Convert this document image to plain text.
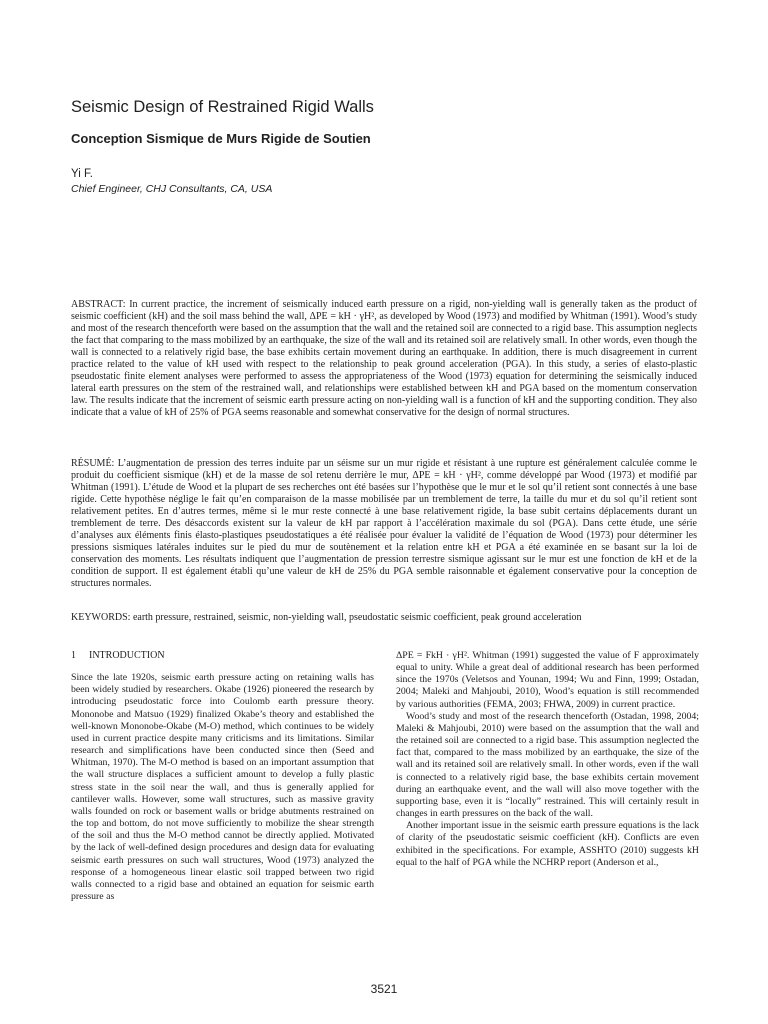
Seismic Design of Restrained Rigid Walls
Conception Sismique de Murs Rigide de Soutien
Yi F.
Chief Engineer, CHJ Consultants, CA, USA

ABSTRACT: In current practice, the increment of seismically induced earth pressure on a rigid, non-yielding wall is generally taken as the product of seismic coefficient (kH) and the soil mass behind the wall, ΔPE = kH · γH², as developed by Wood (1973) and modified by Whitman (1991). Wood’s study and most of the research thenceforth were based on the assumption that the wall and the retained soil are connected to a rigid base. This assumption neglects the fact that comparing to the mass mobilized by an earthquake, the size of the wall and its retained soil are relatively small. In other words, even though the wall is connected to a relatively rigid base, the base exhibits certain movement during an earthquake. In addition, there is much disagreement in current practice related to the value of kH used with respect to the relationship to peak ground acceleration (PGA). In this study, a series of elasto-plastic pseudostatic finite element analyses were performed to assess the appropriateness of the Wood (1973) equation for determining the seismically induced lateral earth pressures on the stem of the restrained wall, and relationships were established between kH and PGA based on the momentum conservation law. The results indicate that the increment of seismic earth pressure acting on non-yielding wall is a function of kH and the supporting condition. They also indicate that a value of kH of 25% of PGA seems reasonable and somewhat conservative for the design of normal structures.

RÉSUMÉ: L’augmentation de pression des terres induite par un séisme sur un mur rigide et résistant à une rupture est généralement calculée comme le produit du coefficient sismique (kH) et de la masse de sol retenu derrière le mur, ΔPE = kH · γH², comme développé par Wood (1973) et modifié par Whitman (1991). L’étude de Wood et la plupart de ses recherches ont été basées sur l’hypothèse que le mur et le sol qu’il retient sont connectés à une base rigide. Cette hypothèse néglige le fait qu’en comparaison de la masse mobilisée par un tremblement de terre, la taille du mur et du sol qu’il retient sont relativement petites. En d’autres termes, même si le mur reste connecté à une base relativement rigide, la base subit certains déplacements durant un tremblement de terre. Des désaccords existent sur la valeur de kH par rapport à l’accélération maximale du sol (PGA). Dans cette étude, une série d’analyses aux éléments finis élasto-plastiques pseudostatiques a été réalisée pour évaluer la validité de l’équation de Wood (1973) pour déterminer les pressions sismiques latérales induites sur le pied du mur de soutènement et la relation entre kH et PGA a été examinée en se basant sur la loi de conservation des moments. Les résultats indiquent que l’augmentation de pression terrestre sismique agissant sur le mur est une fonction de kH et de la condition de support. Il est également établi qu’une valeur de kH de 25% du PGA semble raisonnable et également conservative pour la conception de structures normales.

KEYWORDS: earth pressure, restrained, seismic, non-yielding wall, pseudostatic seismic coefficient, peak ground acceleration

1 INTRODUCTION

Since the late 1920s, seismic earth pressure acting on retaining walls has been widely studied by researchers. Okabe (1926) pioneered the research by introducing pseudostatic force into Coulomb earth pressure theory. Mononobe and Matsuo (1929) finalized Okabe’s theory and established the well-known Mononobe-Okabe (M-O) method, which continues to be widely used in current practice despite many criticisms and its limitations. Similar research and simplifications have been conducted since then (Seed and Whitman, 1970). The M-O method is based on an important assumption that the wall structure displaces a sufficient amount to develop a fully plastic stress state in the soil near the wall, and thus is generally applied for cantilever walls. However, some wall structures, such as massive gravity walls founded on rock or basement walls or bridge abutments restrained on the top and bottom, do not move sufficiently to mobilize the shear strength of the soil and thus the M-O method cannot be directly applied. Motivated by the lack of well-defined design procedures and design data for evaluating seismic earth pressures on such wall structures, Wood (1973) analyzed the response of a homogeneous linear elastic soil trapped between two rigid walls connected to a rigid base and obtained an equation for seismic earth pressure as

ΔPE = FkH · γH². Whitman (1991) suggested the value of F approximately equal to unity. While a great deal of additional research has been performed since the 1970s (Veletsos and Younan, 1994; Wu and Finn, 1999; Ostadan, 2004; Maleki and Mahjoubi, 2010), Wood’s equation is still recommended by various authorities (FEMA, 2003; FHWA, 2009) in current practice.

Wood’s study and most of the research thenceforth (Ostadan, 1998, 2004; Maleki & Mahjoubi, 2010) were based on the assumption that the wall and the retained soil are connected to a rigid base. This assumption neglected the fact that, compared to the mass mobilized by an earthquake, the size of the wall and its retained soil are relatively small. In other words, even if the wall is connected to a relatively rigid base, the base exhibits certain movement during an earthquake event, and the wall will also move together with the supporting base, even it is “locally” restrained. This will certainly result in changes in earth pressures on the back of the wall.

Another important issue in the seismic earth pressure equations is the lack of clarity of the pseudostatic seismic coefficient (kH). Conflicts are even exhibited in the specifications. For example, ASSHTO (2010) suggests kH equal to the half of PGA while the NCHRP report (Anderson et al.,

3521
